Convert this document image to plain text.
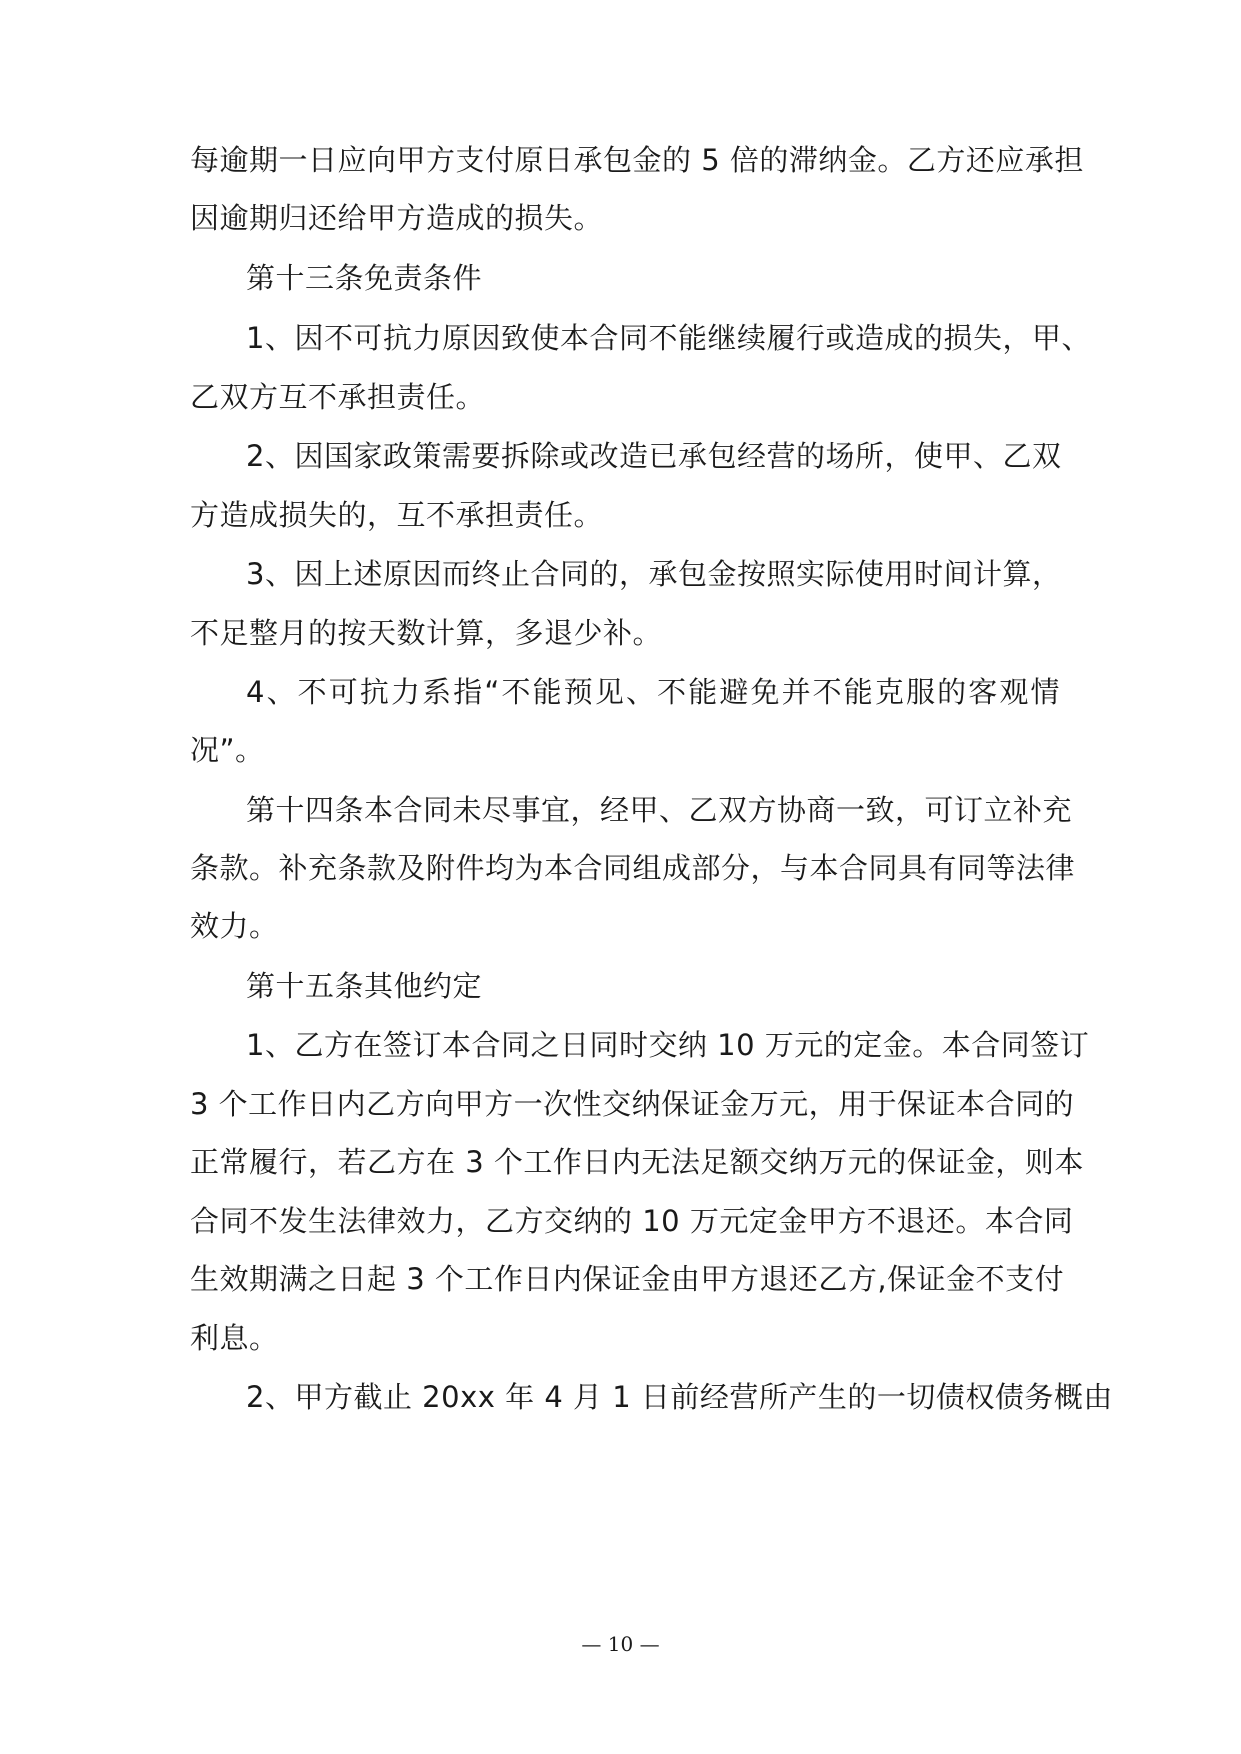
每逾期一日应向甲方支付原日承包金的 5 倍的滞纳金。乙方还应承担
因逾期归还给甲方造成的损失。
第十三条免责条件
1、因不可抗力原因致使本合同不能继续履行或造成的损失，甲、
乙双方互不承担责任。
2、因国家政策需要拆除或改造已承包经营的场所，使甲、乙双
方造成损失的，互不承担责任。
3、因上述原因而终止合同的，承包金按照实际使用时间计算，
不足整月的按天数计算，多退少补。
4、不可抗力系指“不能预见、不能避免并不能克服的客观情
况”。
第十四条本合同未尽事宜，经甲、乙双方协商一致，可订立补充
条款。补充条款及附件均为本合同组成部分，与本合同具有同等法律
效力。
第十五条其他约定
1、乙方在签订本合同之日同时交纳 10 万元的定金。本合同签订
3 个工作日内乙方向甲方一次性交纳保证金万元，用于保证本合同的
正常履行，若乙方在 3 个工作日内无法足额交纳万元的保证金，则本
合同不发生法律效力，乙方交纳的 10 万元定金甲方不退还。本合同
生效期满之日起 3 个工作日内保证金由甲方退还乙方,保证金不支付
利息。
2、甲方截止 20xx 年 4 月 1 日前经营所产生的一切债权债务概由
— 10 —
